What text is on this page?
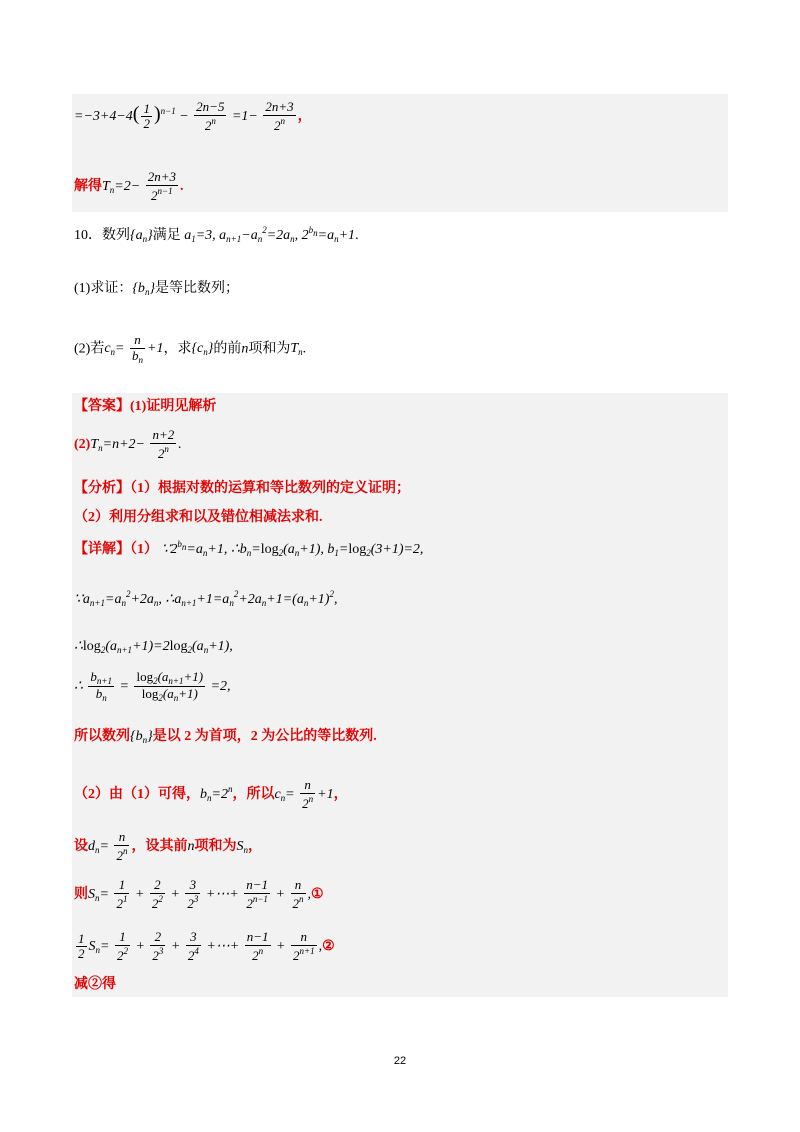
$=-3+4-4( \frac{1}{2} )^{n-1} - \frac{2n-5}{2^n} =1- \frac{2n+3}{2^n}$ ，
解得$T_n=2- \frac{2n+3}{2^{n-1}}$ .
10．数列$\{a_n\}$满足 $a_1=3$, $a_{n+1}-a_n^2=2a_n$, $2^{b_n}=a_n+1$.
(1)求证：$\{b_n\}$是等比数列；
(2)若$c_n= \frac{n}{b_n} +1$，求$\{c_n\}$的前n项和为$T_n$.
【答案】(1)证明见解析
$(2)T_n=n+2- \frac{n+2}{2^n}$ .
【分析】（1）根据对数的运算和等比数列的定义证明；
（2）利用分组求和以及错位相减法求和.
【详解】（1） $\because 2^{b_n}=a_n+1$, $\therefore b_n=\log_2(a_n+1)$, $b_1=\log_2(3+1)=2$,
$\because a_{n+1}=a_n^2+2a_n$, $\therefore a_{n+1}+1=a_n^2+2a_n+1=(a_n+1)^2$,
$\therefore\log_2(a_{n+1}+1)=2\log_2(a_n+1)$,
∴ $\frac{b_{n+1}}{b_n} = \frac{\log_2(a_{n+1}+1)}{\log_2(a_n+1)} =2$,
所以数列$\{b_n\}$是以 2 为首项，2 为公比的等比数列.
（2）由（1）可得，$b_n=2^n$，所以$c_n= \frac{n}{2^n} +1$，
设$d_n= \frac{n}{2^n}$ ，设其前n项和为$S_n$，
则$S_n= \frac{1}{2^1} + \frac{2}{2^2} + \frac{3}{2^3}$ +⋯+ $\frac{n-1}{2^{n-1}} + \frac{n}{2^n}$ ,①
$\frac{1}{2} S_n= \frac{1}{2^2} + \frac{2}{2^3} + \frac{3}{2^4}$ +⋯+ $\frac{n-1}{2^n} + \frac{n}{2^{n+1}}$ ,②
减②得
22
